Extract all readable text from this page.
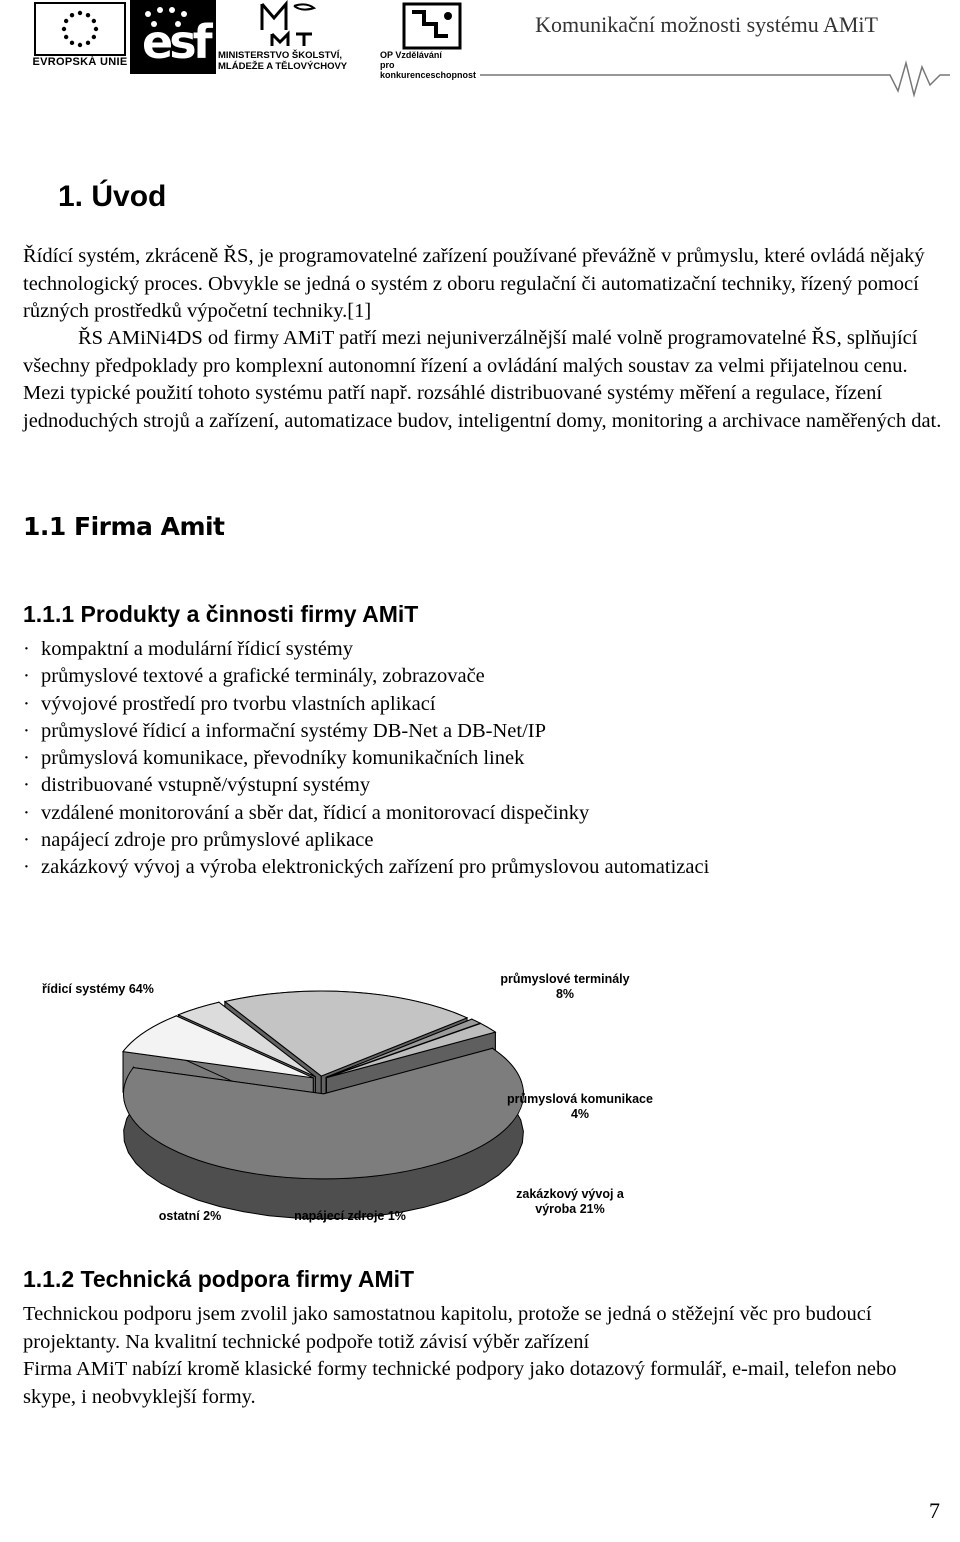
EVROPSKÁ UNIE esf MINISTERSTVO ŠKOLSTVÍ,
MLÁDEŽE A TĚLOVÝCHOVY
OP Vzdělávání
pro konkurenceschopnost
Komunikační možnosti systému AMiT
1. Úvod

Řídící systém, zkráceně ŘS, je programovatelné zařízení používané převážně v průmyslu, které ovládá nějaký technologický proces. Obvykle se jedná o systém z oboru regulační či automatizační techniky, řízený pomocí různých prostředků výpočetní techniky.[1]

ŘS AMiNi4DS od firmy AMiT patří mezi nejuniverzálnější malé volně programovatelné ŘS, splňující všechny předpoklady pro komplexní autonomní řízení a ovládání malých soustav za velmi přijatelnou cenu. Mezi typické použití tohoto systému patří např. rozsáhlé distribuované systémy měření a regulace, řízení jednoduchých strojů a zařízení, automatizace budov, inteligentní domy, monitoring a archivace naměřených dat.

1.1 Firma Amit
1.1.1 Produkty a činnosti firmy AMiT
· kompaktní a modulární řídicí systémy
· průmyslové textové a grafické terminály, zobrazovače
· vývojové prostředí pro tvorbu vlastních aplikací
· průmyslové řídicí a informační systémy DB-Net a DB-Net/IP
· průmyslová komunikace, převodníky komunikačních linek
· distribuované vstupně/výstupní systémy
· vzdálené monitorování a sběr dat, řídicí a monitorovací dispečinky
· napájecí zdroje pro průmyslové aplikace
· zakázkový vývoj a výroba elektronických zařízení pro průmyslovou automatizaci
řídicí systémy 64%
průmyslové terminály 8%
průmyslová komunikace 4%
zakázkový vývoj a výroba 21%
napájecí zdroje 1%
ostatní 2%
1.1.2 Technická podpora firmy AMiT

Technickou podporu jsem zvolil jako samostatnou kapitolu, protože se jedná o stěžejní věc pro budoucí projektanty. Na kvalitní technické podpoře totiž závisí výběr zařízení

Firma AMiT nabízí kromě klasické formy technické podpory jako dotazový formulář, e-mail, telefon nebo skype, i neobvyklejší formy.

7
